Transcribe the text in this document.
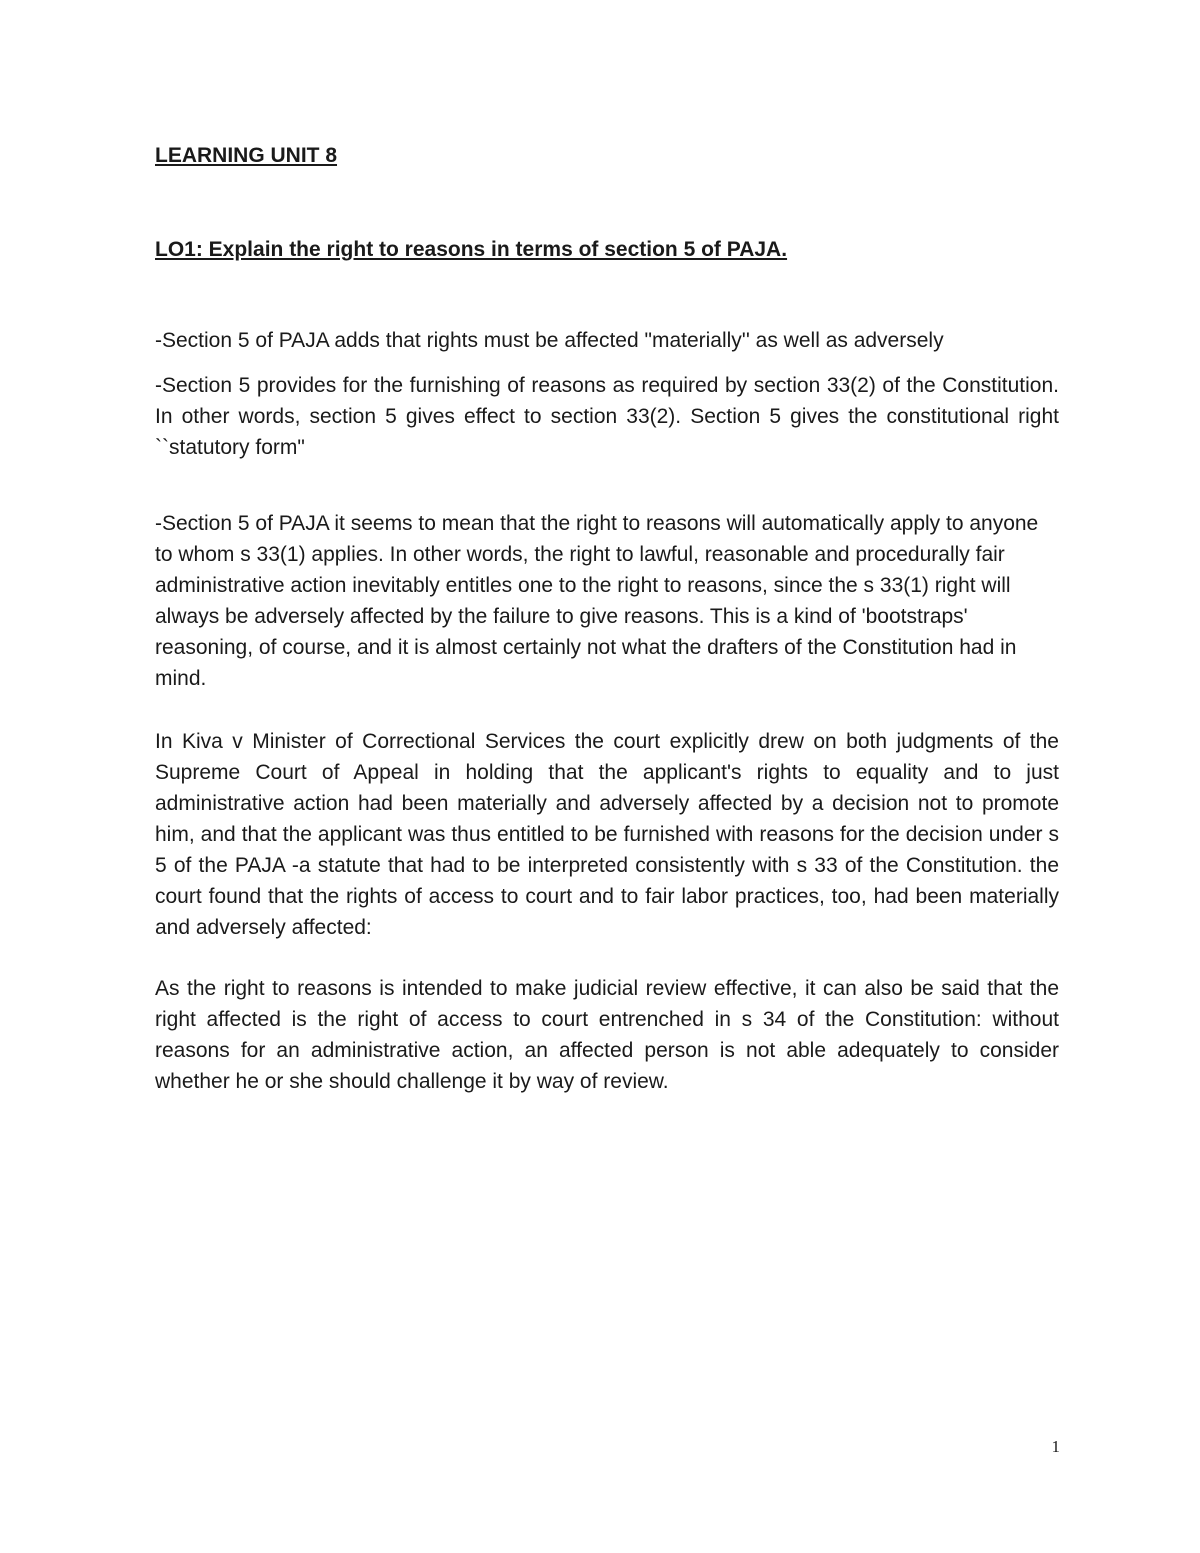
LEARNING UNIT 8

LO1: Explain the right to reasons in terms of section 5 of PAJA.

-Section 5 of PAJA adds that rights must be affected "materially'' as well as adversely

-Section 5 provides for the furnishing of reasons as required by section 33(2) of the Constitution. In other words, section 5 gives effect to section 33(2). Section 5 gives the constitutional right ``statutory form"

-Section 5 of PAJA it seems to mean that the right to reasons will automatically apply to anyone to whom s 33(1) applies. In other words, the right to lawful, reasonable and procedurally fair administrative action inevitably entitles one to the right to reasons, since the s 33(1) right will always be adversely affected by the failure to give reasons. This is a kind of 'bootstraps' reasoning, of course, and it is almost certainly not what the drafters of the Constitution had in mind.

In Kiva v Minister of Correctional Services the court explicitly drew on both judgments of the Supreme Court of Appeal in holding that the applicant's rights to equality and to just administrative action had been materially and adversely affected by a decision not to promote him, and that the applicant was thus entitled to be furnished with reasons for the decision under s 5 of the PAJA -a statute that had to be interpreted consistently with s 33 of the Constitution. the court found that the rights of access to court and to fair labor practices, too, had been materially and adversely affected:

As the right to reasons is intended to make judicial review effective, it can also be said that the right affected is the right of access to court entrenched in s 34 of the Constitution: without reasons for an administrative action, an affected person is not able adequately to consider whether he or she should challenge it by way of review.

1
